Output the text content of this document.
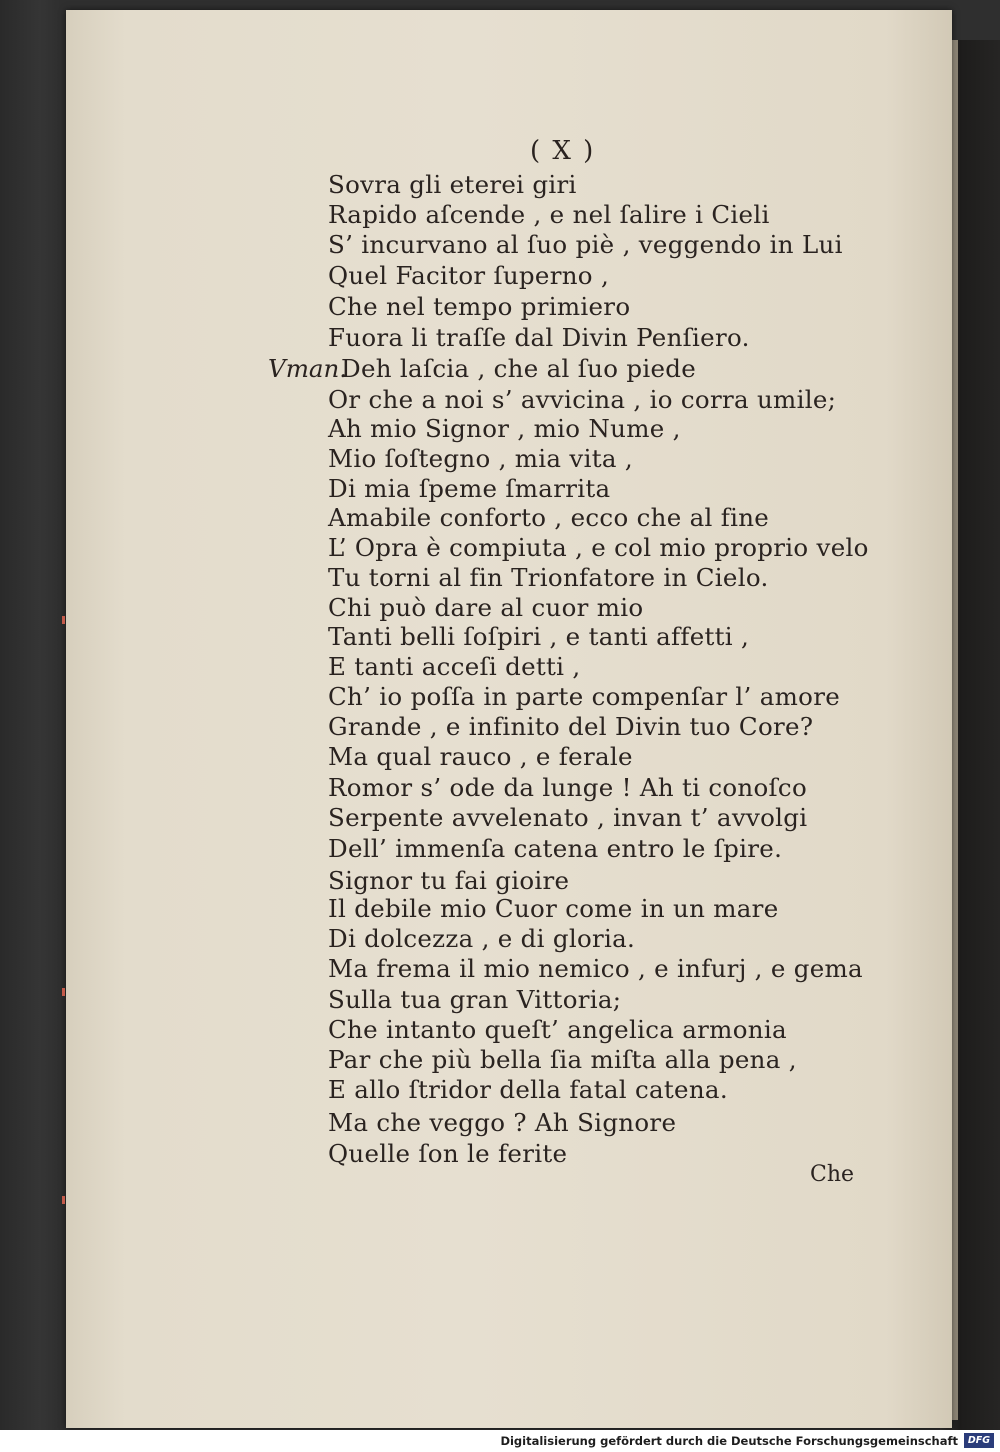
( X )
Vman.
Sovra gli eterei giri
Rapido aſcende , e nel ſalire i Cieli
S’ incurvano al ſuo piè , veggendo in Lui
Quel Facitor ſuperno ,
Che nel tempo primiero
Fuora li traſſe dal Divin Penſiero.
Deh laſcia , che al ſuo piede
Or che a noi s’ avvicina , io corra umile;
Ah mio Signor , mio Nume ,
Mio ſoſtegno , mia vita ,
Di mia ſpeme ſmarrita
Amabile conforto , ecco che al fine
L’ Opra è compiuta , e col mio proprio velo
Tu torni al fin Trionfatore in Cielo.
Chi può dare al cuor mio
Tanti belli ſoſpiri , e tanti affetti ,
E tanti acceſi detti ,
Ch’ io poſſa in parte compenſar l’ amore
Grande , e infinito del Divin tuo Core?
Ma qual rauco , e ferale
Romor s’ ode da lunge ! Ah ti conoſco
Serpente avvelenato , invan t’ avvolgi
Dell’ immenſa catena entro le ſpire.
Signor tu fai gioire
Il debile mio Cuor come in un mare
Di dolcezza , e di gloria.
Ma frema il mio nemico , e infurj , e gema
Sulla tua gran Vittoria;
Che intanto queſt’ angelica armonia
Par che più bella ſia miſta alla pena ,
E allo ſtridor della fatal catena.
Ma che veggo ? Ah Signore
Quelle ſon le ferite
Che
Digitalisierung gefördert durch die Deutsche Forschungsgemeinschaft	DFG
